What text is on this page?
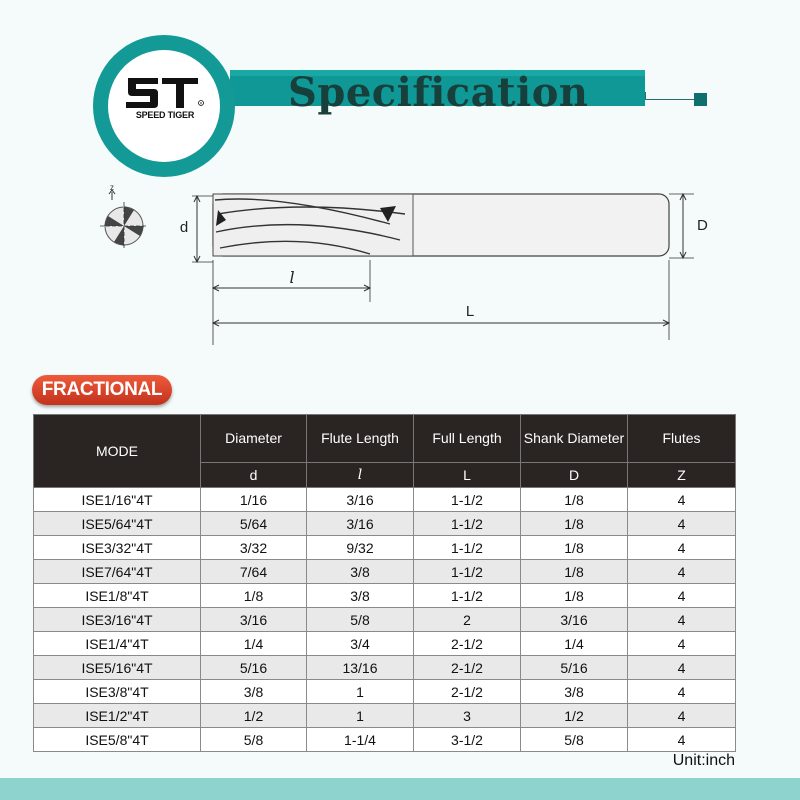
Specification
R
SPEED TIGER
z
d	D
l
L
FRACTIONAL
MODE	Diameter	Flute Length	Full Length	Shank Diameter	Flutes
	d	l	L	D	Z
ISE1/16"4T	1/16	3/16	1-1/2	1/8	4
ISE5/64"4T	5/64	3/16	1-1/2	1/8	4
ISE3/32"4T	3/32	9/32	1-1/2	1/8	4
ISE7/64"4T	7/64	3/8	1-1/2	1/8	4
ISE1/8"4T	1/8	3/8	1-1/2	1/8	4
ISE3/16"4T	3/16	5/8	2	3/16	4
ISE1/4"4T	1/4	3/4	2-1/2	1/4	4
ISE5/16"4T	5/16	13/16	2-1/2	5/16	4
ISE3/8"4T	3/8	1	2-1/2	3/8	4
ISE1/2"4T	1/2	1	3	1/2	4
ISE5/8"4T	5/8	1-1/4	3-1/2	5/8	4
Unit:inch
